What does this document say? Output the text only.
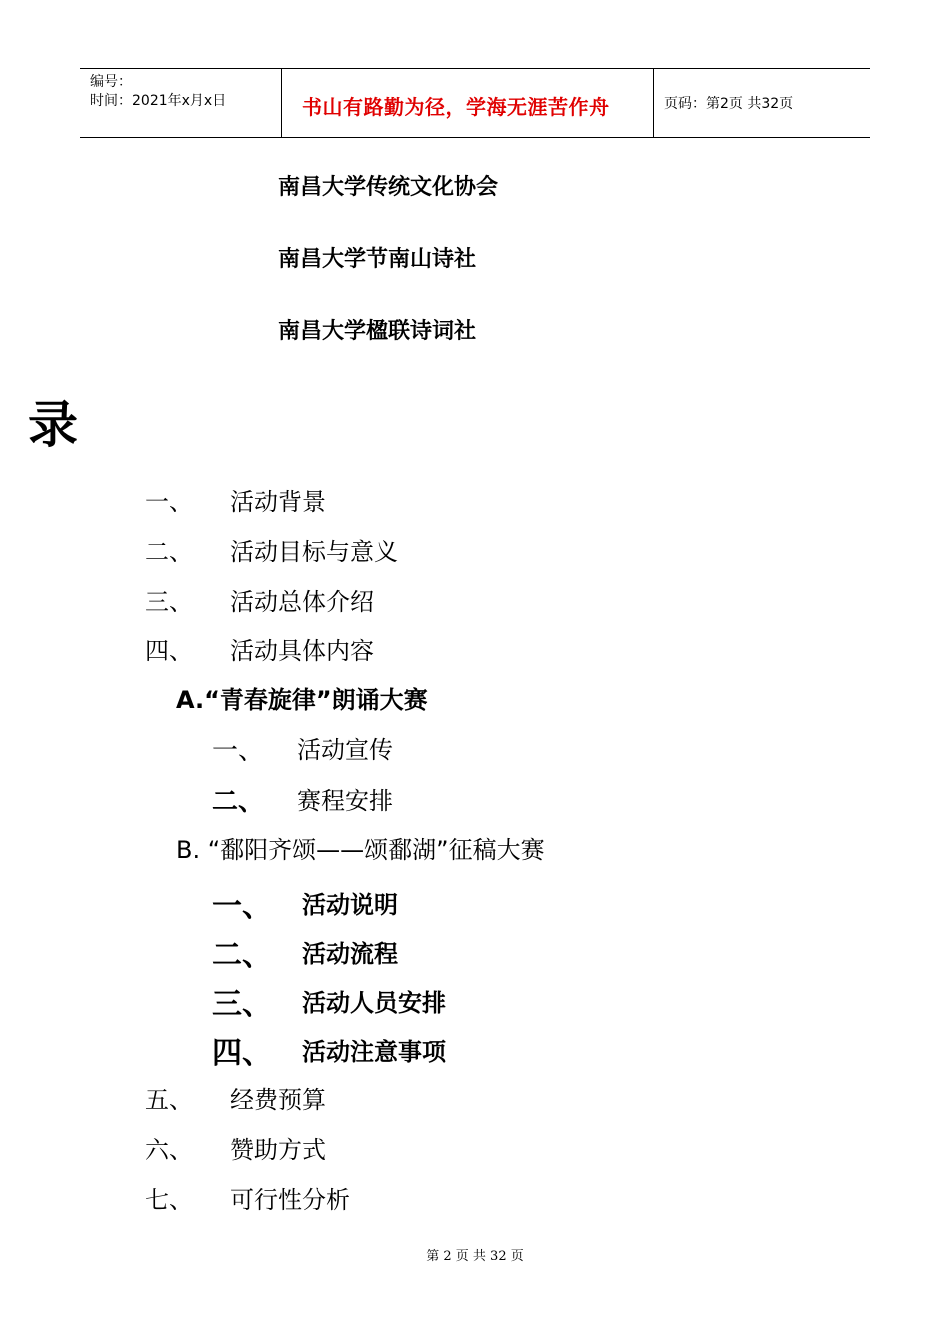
编号：
时间：2021年x月x日	书山有路勤为径，学海无涯苦作舟	页码：第2页 共32页
南昌大学传统文化协会
南昌大学节南山诗社
南昌大学楹联诗词社
录
一、 活动背景
二、 活动目标与意义
三、 活动总体介绍
四、 活动具体内容
A.“青春旋律”朗诵大赛
一、 活动宣传
二、 赛程安排
B. “鄱阳齐颂——颂鄱湖”征稿大赛
一、 活动说明
二、 活动流程
三、 活动人员安排
四、 活动注意事项
五、 经费预算
六、 赞助方式
七、 可行性分析
第 2 页 共 32 页
